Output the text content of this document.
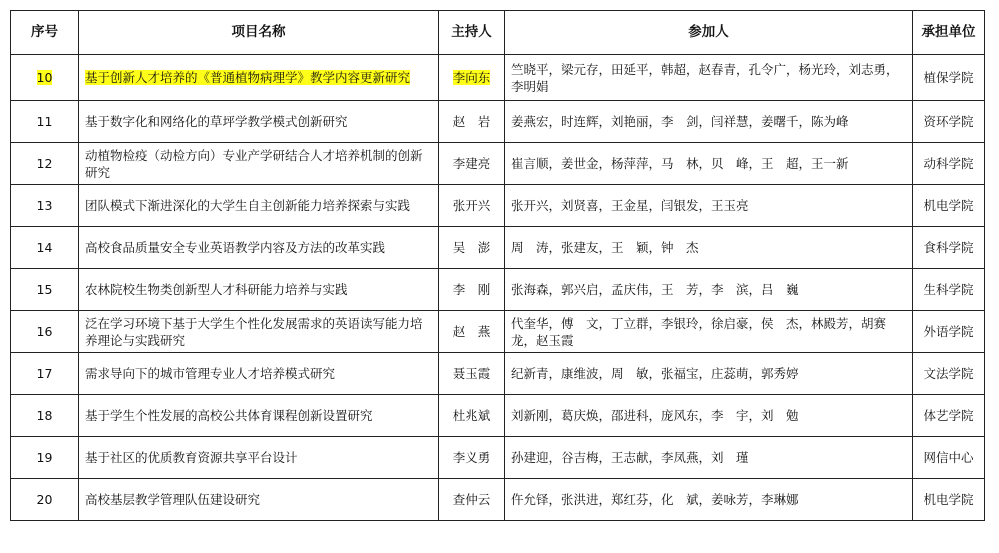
序号	项目名称	主持人	参加人	承担单位
10	基于创新人才培养的《普通植物病理学》教学内容更新研究	李向东	竺晓平，梁元存，田延平，韩超，赵春青，孔令广，杨光玲，刘志勇，李明娟	植保学院
11	基于数字化和网络化的草坪学教学模式创新研究	赵　岩	姜燕宏，时连辉，刘艳丽，李　剑，闫祥慧，姜曙千，陈为峰	资环学院
12	动植物检疫（动检方向）专业产学研结合人才培养机制的创新研究	李建亮	崔言顺，姜世金，杨萍萍，马　林，贝　峰，王　超，王一新	动科学院
13	团队模式下渐进深化的大学生自主创新能力培养探索与实践	张开兴	张开兴，刘贤喜，王金星，闫银发，王玉亮	机电学院
14	高校食品质量安全专业英语教学内容及方法的改革实践	吴　澎	周　涛，张建友，王　颖，钟　杰	食科学院
15	农林院校生物类创新型人才科研能力培养与实践	李　刚	张海森，郭兴启，孟庆伟，王　芳，李　滨，吕　巍	生科学院
16	泛在学习环境下基于大学生个性化发展需求的英语读写能力培养理论与实践研究	赵　燕	代奎华，傅　文，丁立群，李银玲，徐启豪，侯　杰，林殿芳，胡赛龙，赵玉霞	外语学院
17	需求导向下的城市管理专业人才培养模式研究	聂玉霞	纪新青，康维波，周　敏，张福宝，庄蕊萌，郭秀婷	文法学院
18	基于学生个性发展的高校公共体育课程创新设置研究	杜兆斌	刘新刚，葛庆焕，邵进科，庞风东，李　宇，刘　勉	体艺学院
19	基于社区的优质教育资源共享平台设计	李义勇	孙建迎，谷吉梅，王志献，李凤燕，刘　瑾	网信中心
20	高校基层教学管理队伍建设研究	查仲云	仵允铎，张洪进，郑红芬，化　斌，姜咏芳，李琳娜	机电学院
